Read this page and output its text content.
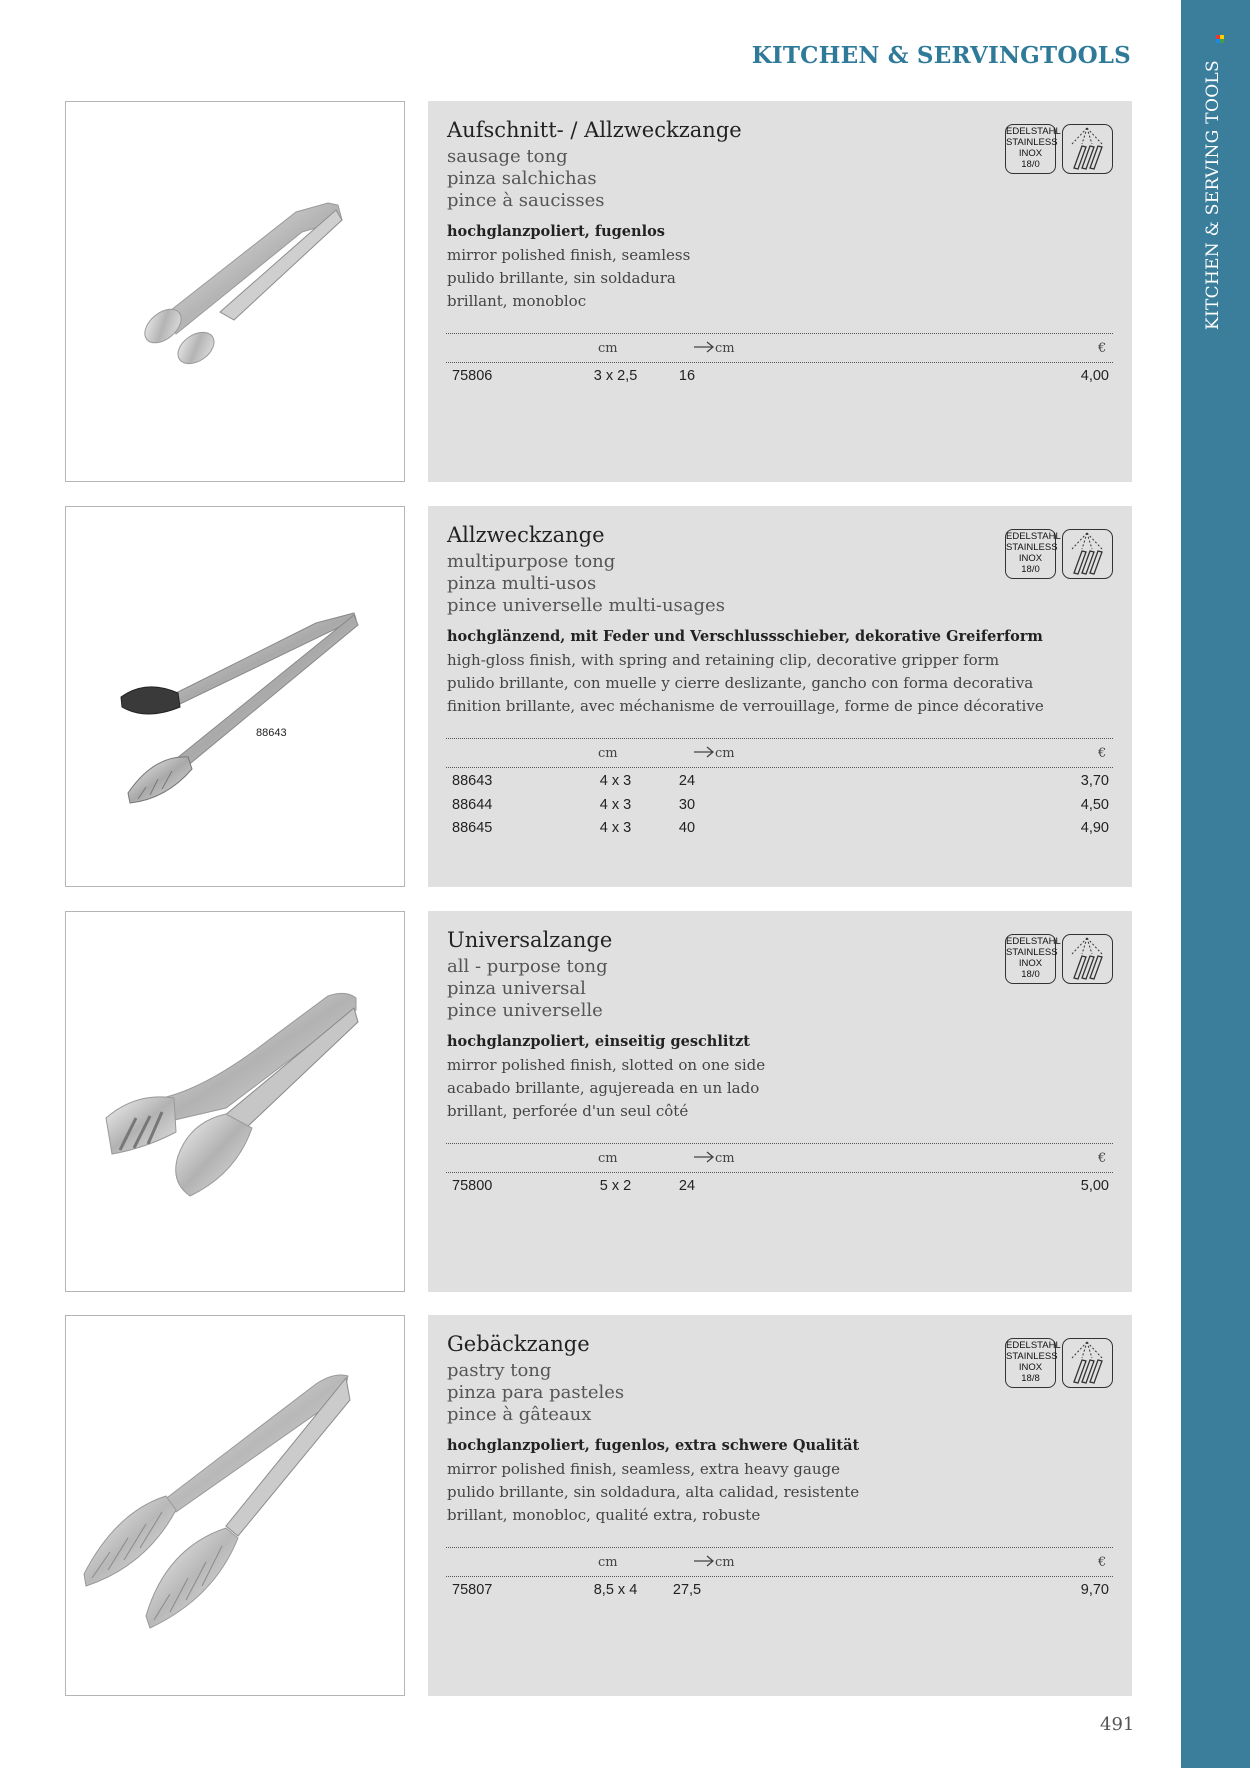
KITCHEN & SERVING TOOLS
KITCHEN & SERVINGTOOLS
Aufschnitt- / Allzweckzange
sausage tong
pinza salchichas
pince à saucisses
hochglanzpoliert, fugenlos
mirror polished finish, seamless
pulido brillante, sin soldadura
brillant, monobloc
EDELSTAHL
STAINLESS
INOX
18/0
cm	cm	€
75806	3 x 2,5	16	4,00
88643
Allzweckzange
multipurpose tong
pinza multi-usos
pince universelle multi-usages
hochglänzend, mit Feder und Verschlussschieber, dekorative Greiferform
high-gloss finish, with spring and retaining clip, decorative gripper form
pulido brillante, con muelle y cierre deslizante, gancho con forma decorativa
finition brillante, avec méchanisme de verrouillage, forme de pince décorative
EDELSTAHL
STAINLESS
INOX
18/0
cm	cm	€
88643	4 x 3	24	3,70
88644	4 x 3	30	4,50
88645	4 x 3	40	4,90
Universalzange
all - purpose tong
pinza universal
pince universelle
hochglanzpoliert, einseitig geschlitzt
mirror polished finish, slotted on one side
acabado brillante, agujereada en un lado
brillant, perforée d'un seul côté
EDELSTAHL
STAINLESS
INOX
18/0
cm	cm	€
75800	5 x 2	24	5,00
Gebäckzange
pastry tong
pinza para pasteles
pince à gâteaux
hochglanzpoliert, fugenlos, extra schwere Qualität
mirror polished finish, seamless, extra heavy gauge
pulido brillante, sin soldadura, alta calidad, resistente
brillant, monobloc, qualité extra, robuste
EDELSTAHL
STAINLESS
INOX
18/8
cm	cm	€
75807	8,5 x 4	27,5	9,70
491
